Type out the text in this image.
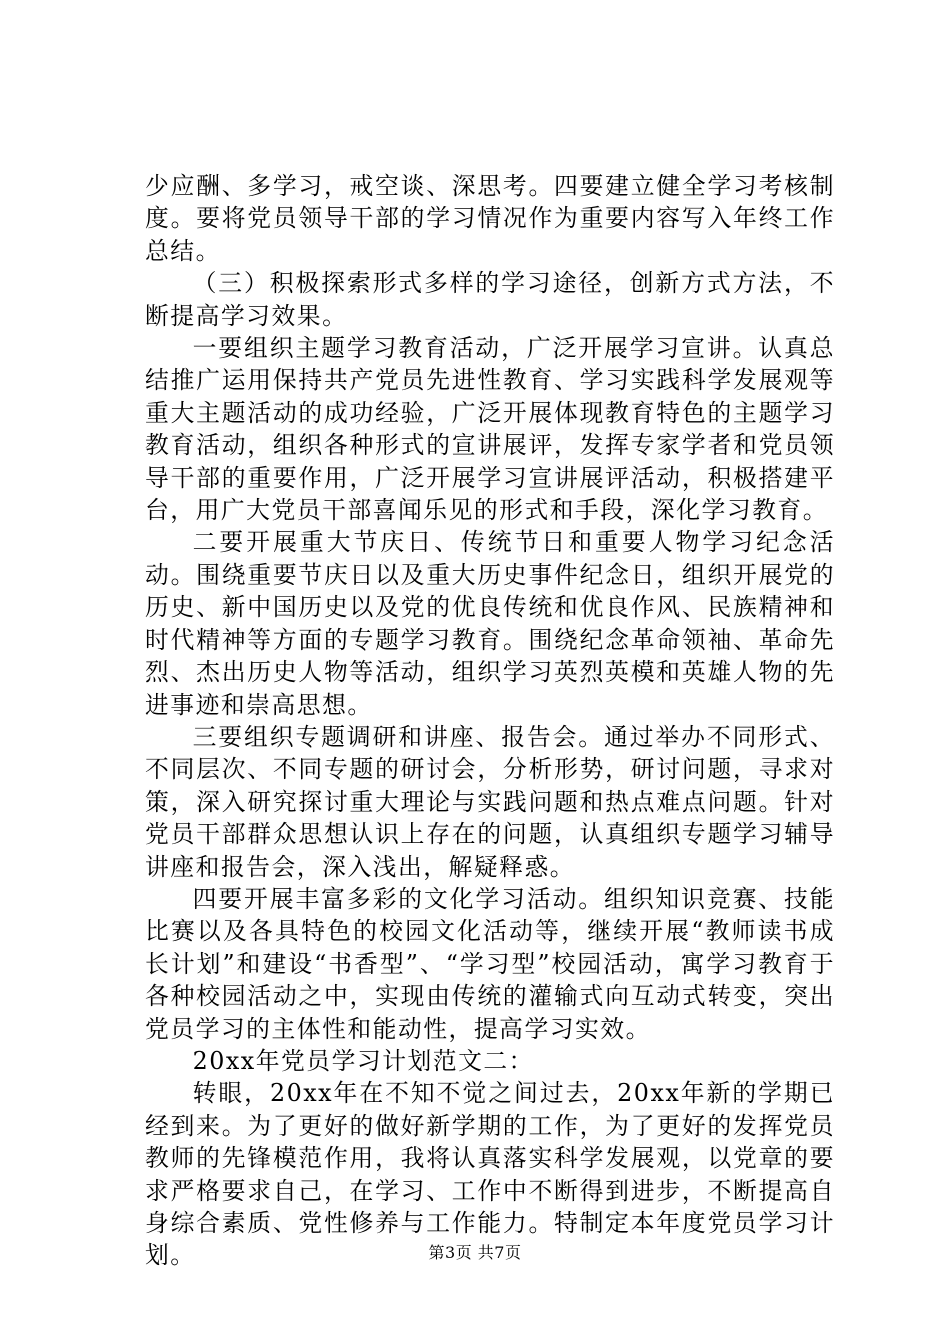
少应酬、多学习，戒空谈、深思考。四要建立健全学习考核制度。要将党员领导干部的学习情况作为重要内容写入年终工作总结。

（三）积极探索形式多样的学习途径，创新方式方法，不断提高学习效果。

一要组织主题学习教育活动，广泛开展学习宣讲。认真总结推广运用保持共产党员先进性教育、学习实践科学发展观等重大主题活动的成功经验，广泛开展体现教育特色的主题学习教育活动，组织各种形式的宣讲展评，发挥专家学者和党员领导干部的重要作用，广泛开展学习宣讲展评活动，积极搭建平台，用广大党员干部喜闻乐见的形式和手段，深化学习教育。

二要开展重大节庆日、传统节日和重要人物学习纪念活动。围绕重要节庆日以及重大历史事件纪念日，组织开展党的历史、新中国历史以及党的优良传统和优良作风、民族精神和时代精神等方面的专题学习教育。围绕纪念革命领袖、革命先烈、杰出历史人物等活动，组织学习英烈英模和英雄人物的先进事迹和崇高思想。

三要组织专题调研和讲座、报告会。通过举办不同形式、不同层次、不同专题的研讨会，分析形势，研讨问题，寻求对策，深入研究探讨重大理论与实践问题和热点难点问题。针对党员干部群众思想认识上存在的问题，认真组织专题学习辅导讲座和报告会，深入浅出，解疑释惑。

四要开展丰富多彩的文化学习活动。组织知识竞赛、技能比赛以及各具特色的校园文化活动等，继续开展“教师读书成长计划”和建设“书香型”、“学习型”校园活动，寓学习教育于各种校园活动之中，实现由传统的灌输式向互动式转变，突出党员学习的主体性和能动性，提高学习实效。

20xx年党员学习计划范文二：

转眼，20xx年在不知不觉之间过去，20xx年新的学期已经到来。为了更好的做好新学期的工作，为了更好的发挥党员教师的先锋模范作用，我将认真落实科学发展观，以党章的要求严格要求自己，在学习、工作中不断得到进步，不断提高自身综合素质、党性修养与工作能力。特制定本年度党员学习计划。	第3页 共7页
